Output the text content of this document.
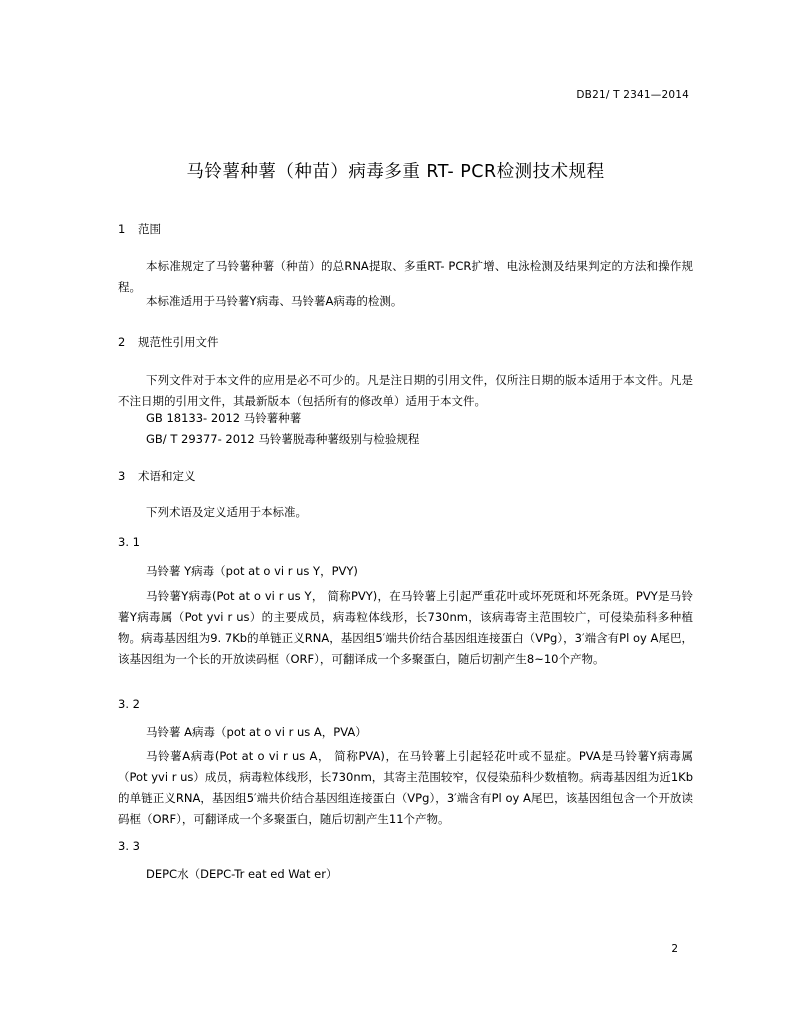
DB21/ T 2341—2014
马铃薯种薯（种苗）病毒多重 RT- PCR检测技术规程
1 范围
本标准规定了马铃薯种薯（种苗）的总RNA提取、多重RT- PCR扩增、电泳检测及结果判定的方法和操作规程。
本标准适用于马铃薯Y病毒、马铃薯A病毒的检测。
2 规范性引用文件
下列文件对于本文件的应用是必不可少的。凡是注日期的引用文件，仅所注日期的版本适用于本文件。凡是不注日期的引用文件，其最新版本（包括所有的修改单）适用于本文件。
GB 18133- 2012 马铃薯种薯
GB/ T 29377- 2012 马铃薯脱毒种薯级别与检验规程
3 术语和定义
下列术语及定义适用于本标准。
3. 1
马铃薯 Y病毒（pot at o vi r us Y，PVY)
马铃薯Y病毒(Pot at o vi r us Y， 简称PVY)，在马铃薯上引起严重花叶或坏死斑和坏死条斑。PVY是马铃薯Y病毒属（Pot yvi r us）的主要成员，病毒粒体线形，长730nm，该病毒寄主范围较广，可侵染茄科多种植物。病毒基因组为9. 7Kb的单链正义RNA，基因组5′端共价结合基因组连接蛋白（VPg），3′端含有Pl oy A尾巴，该基因组为一个长的开放读码框（ORF），可翻译成一个多聚蛋白，随后切割产生8~10个产物。
3. 2
马铃薯 A病毒（pot at o vi r us A，PVA）
马铃薯A病毒(Pot at o vi r us A， 简称PVA)，在马铃薯上引起轻花叶或不显症。PVA是马铃薯Y病毒属（Pot yvi r us）成员，病毒粒体线形，长730nm，其寄主范围较窄，仅侵染茄科少数植物。病毒基因组为近1Kb的单链正义RNA，基因组5′端共价结合基因组连接蛋白（VPg），3′端含有Pl oy A尾巴，该基因组包含一个开放读码框（ORF），可翻译成一个多聚蛋白，随后切割产生11个产物。
3. 3
DEPC水（DEPC-Tr eat ed Wat er）
2
